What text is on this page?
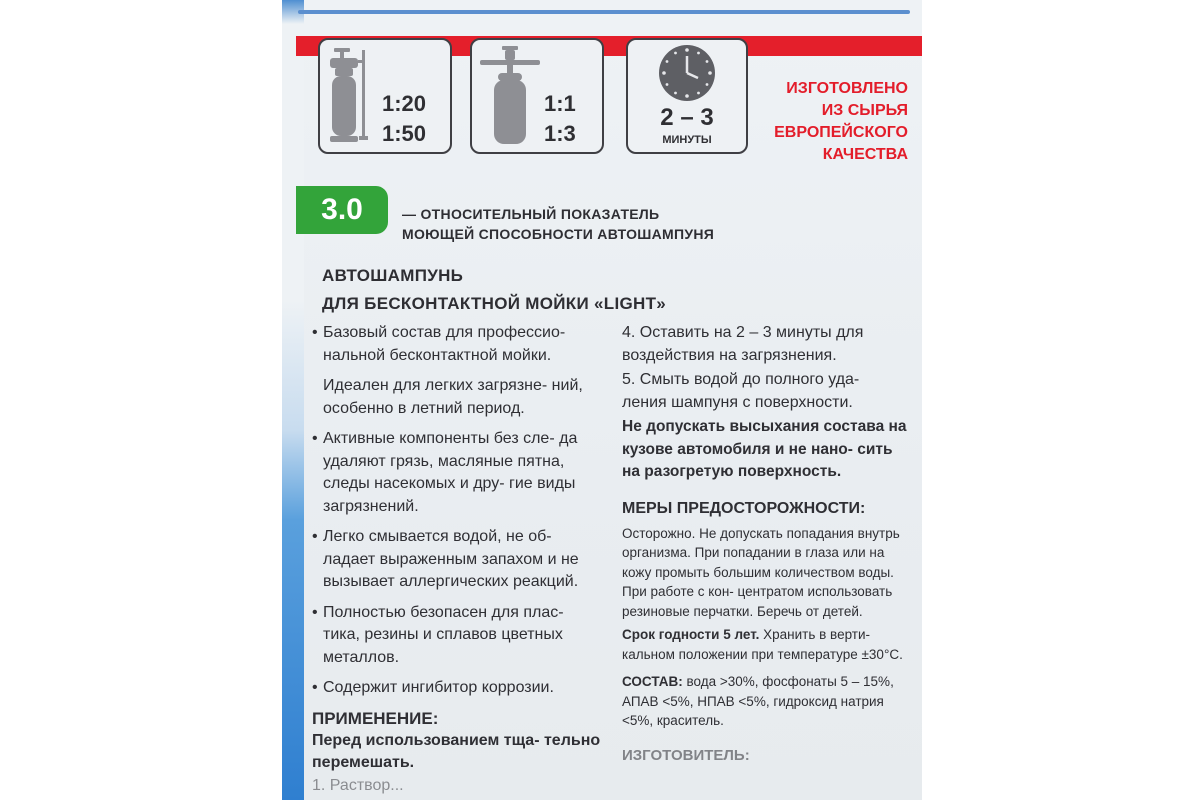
1:20
1:50
1:1
1:3
2 – 3
МИНУТЫ
ИЗГОТОВЛЕНО
ИЗ СЫРЬЯ
ЕВРОПЕЙСКОГО
КАЧЕСТВА
3.0	— ОТНОСИТЕЛЬНЫЙ ПОКАЗАТЕЛЬ
МОЮЩЕЙ СПОСОБНОСТИ АВТОШАМПУНЯ
АВТОШАМПУНЬ
ДЛЯ БЕСКОНТАКТНОЙ МОЙКИ «LIGHT»
• Базовый состав для профессио- нальной бесконтактной мойки.
Идеален для легких загрязне- ний, особенно в летний период.
• Активные компоненты без сле- да удаляют грязь, масляные пятна, следы насекомых и дру- гие виды загрязнений.
• Легко смывается водой, не об- ладает выраженным запахом и не вызывает аллергических реакций.
• Полностью безопасен для плас- тика, резины и сплавов цветных металлов.
• Содержит ингибитор коррозии.
ПРИМЕНЕНИЕ:
Перед использованием тща- тельно перемешать.
1. Раствор...
4. Оставить на 2 – 3 минуты для воздействия на загрязнения.
5. Смыть водой до полного уда- ления шампуня с поверхности.
Не допускать высыхания состава на кузове автомобиля и не нано- сить на разогретую поверхность.
МЕРЫ ПРЕДОСТОРОЖНОСТИ:
Осторожно. Не допускать попадания внутрь организма. При попадании в глаза или на кожу промыть большим количеством воды. При работе с кон- центратом использовать резиновые перчатки. Беречь от детей.
Срок годности 5 лет. Хранить в верти- кальном положении при температуре ±30°С.
СОСТАВ: вода >30%, фосфонаты 5 – 15%, АПАВ <5%, НПАВ <5%, гидроксид натрия <5%, краситель.
ИЗГОТОВИТЕЛЬ:
